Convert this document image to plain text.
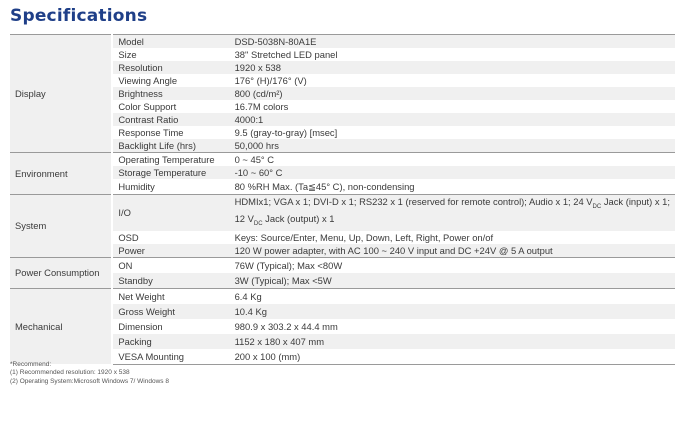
Specifications
Display	Model	DSD-5038N-80A1E
	Size	38" Stretched LED panel
	Resolution	1920 x 538
	Viewing Angle	176° (H)/176° (V)
	Brightness	800 (cd/m²)
	Color Support	16.7M colors
	Contrast Ratio	4000:1
	Response Time	9.5 (gray-to-gray) [msec]
	Backlight Life (hrs)	50,000 hrs
Environment	Operating Temperature	0 ~ 45° C
	Storage Temperature	-10 ~ 60° C
	Humidity	80 %RH Max. (Ta≦45° C), non-condensing
System	I/O	HDMIx1; VGA x 1; DVI-D x 1; RS232 x 1 (reserved for remote control); Audio x 1; 24 $V_{DC}$ Jack (input) x 1;
12 $V_{DC}$ Jack (output) x 1
	OSD	Keys: Source/Enter, Menu, Up, Down, Left, Right, Power on/of
	Power	120 W power adapter, with AC 100 ~ 240 V input and DC +24V @ 5 A output
Power Consumption	ON	76W (Typical); Max <80W
	Standby	3W (Typical); Max <5W
Mechanical	Net Weight	6.4 Kg
	Gross Weight	10.4 Kg
	Dimension	980.9 x 303.2 x 44.4 mm
	Packing	1152 x 180 x 407 mm
	VESA Mounting	200 x 100 (mm)
*Recommend:
(1) Recommended resolution: 1920 x 538
(2) Operating System:Microsoft Windows 7/ Windows 8
